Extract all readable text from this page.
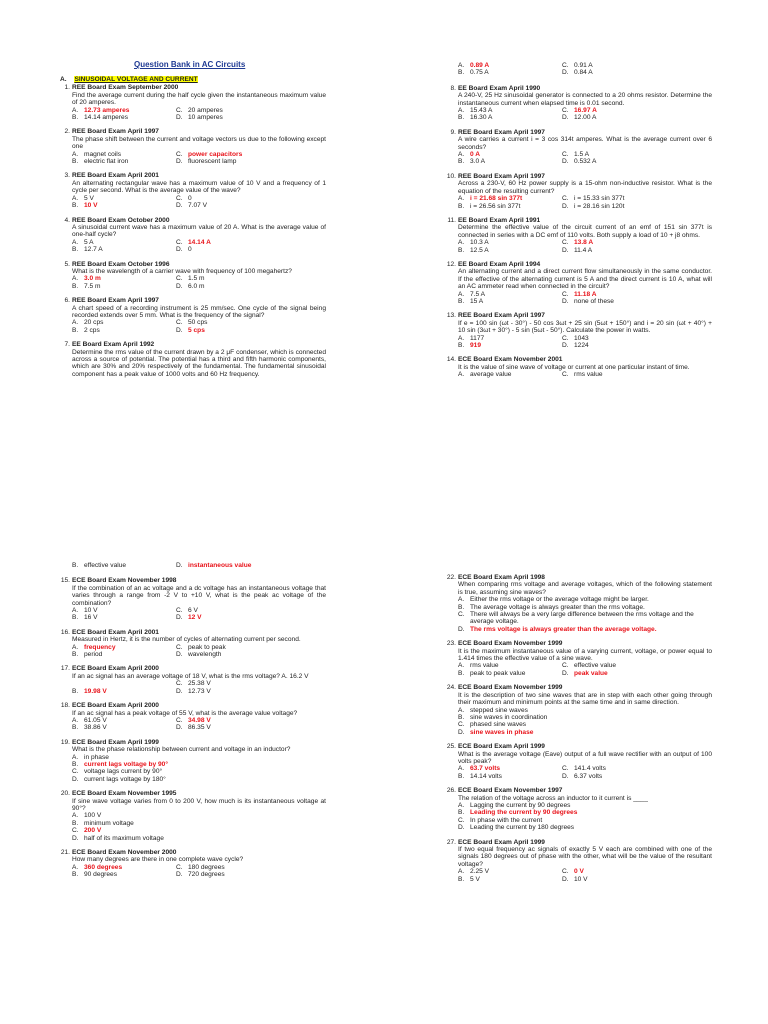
Question Bank in AC Circuits
A. SINUSOIDAL VOLTAGE AND CURRENT
1. REE Board Exam September 2000
Find the average current during the half cycle given the instantaneous maximum value of 20 amperes.
A. 12.73 amperes	C. 20 amperes
B. 14.14 amperes	D. 10 amperes
2. REE Board Exam April 1997
The phase shift between the current and voltage vectors us due to the following except one
A. magnet coils	C. power capacitors
B. electric flat iron	D. fluorescent lamp
3. REE Board Exam April 2001
An alternating rectangular wave has a maximum value of 10 V and a frequency of 1 cycle per second. What is the average value of the wave?
A. 5 V	C. 0
B. 10 V	D. 7.07 V
4. REE Board Exam October 2000
A sinusoidal current wave has a maximum value of 20 A. What is the average value of one-half cycle?
A. 5 A	C. 14.14 A
B. 12.7 A	D. 0
5. REE Board Exam October 1996
What is the wavelength of a carrier wave with frequency of 100 megahertz?
A. 3.0 m	C. 1.5 m
B. 7.5 m	D. 6.0 m
6. REE Board Exam April 1997
A chart speed of a recording instrument is 25 mm/sec. One cycle of the signal being recorded extends over 5 mm. What is the frequency of the signal?
A. 20 cps	C. 50 cps
B. 2 cps	D. 5 cps
7. EE Board Exam April 1992
Determine the rms value of the current drawn by a 2 μF condenser, which is connected across a source of potential. The potential has a third and fifth harmonic components, which are 30% and 20% respectively of the fundamental. The fundamental sinusoidal component has a peak value of 1000 volts and 60 Hz frequency.
A. 0.89 A	C. 0.91 A
B. 0.75 A	D. 0.84 A
8. EE Board Exam April 1990
A 240-V, 25 Hz sinusoidal generator is connected to a 20 ohms resistor. Determine the instantaneous current when elapsed time is 0.01 second.
A. 15.43 A	C. 16.97 A
B. 16.30 A	D. 12.00 A
9. REE Board Exam April 1997
A wire carries a current i = 3 cos 314t amperes. What is the average current over 6 seconds?
A. 0 A	C. 1.5 A
B. 3.0 A	D. 0.532 A
10. REE Board Exam April 1997
Across a 230-V, 60 Hz power supply is a 15-ohm non-inductive resistor. What is the equation of the resulting current?
A. i = 21.68 sin 377t	C. i = 15.33 sin 377t
B. i = 26.56 sin 377t	D. i = 28.16 sin 120t
11. EE Board Exam April 1991
Determine the effective value of the circuit current of an emf of 151 sin 377t is connected in series with a DC emf of 110 volts. Both supply a load of 10 + j8 ohms.
A. 10.3 A	C. 13.8 A
B. 12.5 A	D. 11.4 A
12. EE Board Exam April 1994
An alternating current and a direct current flow simultaneously in the same conductor. If the effective of the alternating current is 5 A and the direct current is 10 A, what will an AC ammeter read when connected in the circuit?
A. 7.5 A	C. 11.18 A
B. 15 A	D. none of these
13. REE Board Exam April 1997
If e = 100 sin (ωt - 30°) - 50 cos 3ωt + 25 sin (5ωt + 150°) and i = 20 sin (ωt + 40°) + 10 sin (3ωt + 30°) - 5 sin (5ωt - 50°). Calculate the power in watts.
A. 1177	C. 1043
B. 919	D. 1224
14. ECE Board Exam November 2001
It is the value of sine wave of voltage or current at one particular instant of time.
A. average value	C. rms value
B. effective value	D. instantaneous value
15. ECE Board Exam November 1998
If the combination of an ac voltage and a dc voltage has an instantaneous voltage that varies through a range from -2 V to +10 V, what is the peak ac voltage of the combination?
A. 10 V	C. 6 V
B. 16 V	D. 12 V
16. ECE Board Exam April 2001
Measured in Hertz, it is the number of cycles of alternating current per second.
A. frequency	C. peak to peak
B. period	D. wavelength
17. ECE Board Exam April 2000
If an ac signal has an average voltage of 18 V, what is the rms voltage? A. 16.2 V
C. 25.38 V
B. 19.98 V	D. 12.73 V
18. ECE Board Exam April 2000
If an ac signal has a peak voltage of 55 V, what is the average value voltage?
A. 61.05 V	C. 34.98 V
B. 38.86 V	D. 86.35 V
19. ECE Board Exam April 1999
What is the phase relationship between current and voltage in an inductor?
A. in phase
B. current lags voltage by 90°
C. voltage lags current by 90°
D. current lags voltage by 180°
20. ECE Board Exam November 1995
If sine wave voltage varies from 0 to 200 V, how much is its instantaneous voltage at 90°?
A. 100 V
B. minimum voltage
C. 200 V
D. half of its maximum voltage
21. ECE Board Exam November 2000
How many degrees are there in one complete wave cycle?
A. 360 degrees	C. 180 degrees
B. 90 degrees	D. 720 degrees
22. ECE Board Exam April 1998
When comparing rms voltage and average voltages, which of the following statement is true, assuming sine waves?
A. Either the rms voltage or the average voltage might be larger.
B. The average voltage is always greater than the rms voltage.
C. There will always be a very large difference between the rms voltage and the average voltage.
D. The rms voltage is always greater than the average voltage.
23. ECE Board Exam November 1999
It is the maximum instantaneous value of a varying current, voltage, or power equal to 1.414 times the effective value of a sine wave.
A. rms value	C. effective value
B. peak to peak value	D. peak value
24. ECE Board Exam November 1999
It is the description of two sine waves that are in step with each other going through their maximum and minimum points at the same time and in same direction.
A. stepped sine waves
B. sine waves in coordination
C. phased sine waves
D. sine waves in phase
25. ECE Board Exam April 1999
What is the average voltage (Eave) output of a full wave rectifier with an output of 100 volts peak?
A. 63.7 volts	C. 141.4 volts
B. 14.14 volts	D. 6.37 volts
26. ECE Board Exam November 1997
The relation of the voltage across an inductor to it current is ____
A. Lagging the current by 90 degrees
B. Leading the current by 90 degrees
C. In phase with the current
D. Leading the current by 180 degrees
27. ECE Board Exam April 1999
If two equal frequency ac signals of exactly 5 V each are combined with one of the signals 180 degrees out of phase with the other, what will be the value of the resultant voltage?
A. 2.25 V	C. 0 V
B. 5 V	D. 10 V
